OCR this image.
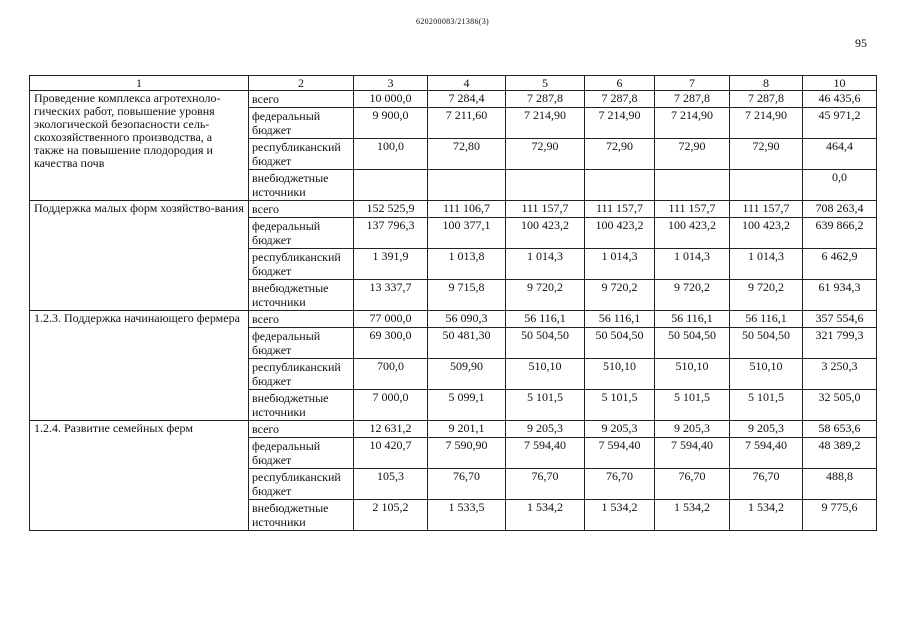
620200083/21386(3)
95
1	2	3	4	5	6	7	8	10
Проведение комплекса агротехноло-гических работ, повышение уровня экологической безопасности сель-скохозяйственного производства, а также на повышение плодородия и качества почв	всего	10 000,0	7 284,4	7 287,8	7 287,8	7 287,8	7 287,8	46 435,6
	федеральный бюджет	9 900,0	7 211,60	7 214,90	7 214,90	7 214,90	7 214,90	45 971,2
	республиканский бюджет	100,0	72,80	72,90	72,90	72,90	72,90	464,4
	внебюджетные источники							0,0
Поддержка малых форм хозяйство-вания	всего	152 525,9	111 106,7	111 157,7	111 157,7	111 157,7	111 157,7	708 263,4
	федеральный бюджет	137 796,3	100 377,1	100 423,2	100 423,2	100 423,2	100 423,2	639 866,2
	республиканский бюджет	1 391,9	1 013,8	1 014,3	1 014,3	1 014,3	1 014,3	6 462,9
	внебюджетные источники	13 337,7	9 715,8	9 720,2	9 720,2	9 720,2	9 720,2	61 934,3
1.2.3. Поддержка начинающего фермера	всего	77 000,0	56 090,3	56 116,1	56 116,1	56 116,1	56 116,1	357 554,6
	федеральный бюджет	69 300,0	50 481,30	50 504,50	50 504,50	50 504,50	50 504,50	321 799,3
	республиканский бюджет	700,0	509,90	510,10	510,10	510,10	510,10	3 250,3
	внебюджетные источники	7 000,0	5 099,1	5 101,5	5 101,5	5 101,5	5 101,5	32 505,0
1.2.4. Развитие семейных ферм	всего	12 631,2	9 201,1	9 205,3	9 205,3	9 205,3	9 205,3	58 653,6
	федеральный бюджет	10 420,7	7 590,90	7 594,40	7 594,40	7 594,40	7 594,40	48 389,2
	республиканский бюджет	105,3	76,70	76,70	76,70	76,70	76,70	488,8
	внебюджетные источники	2 105,2	1 533,5	1 534,2	1 534,2	1 534,2	1 534,2	9 775,6
